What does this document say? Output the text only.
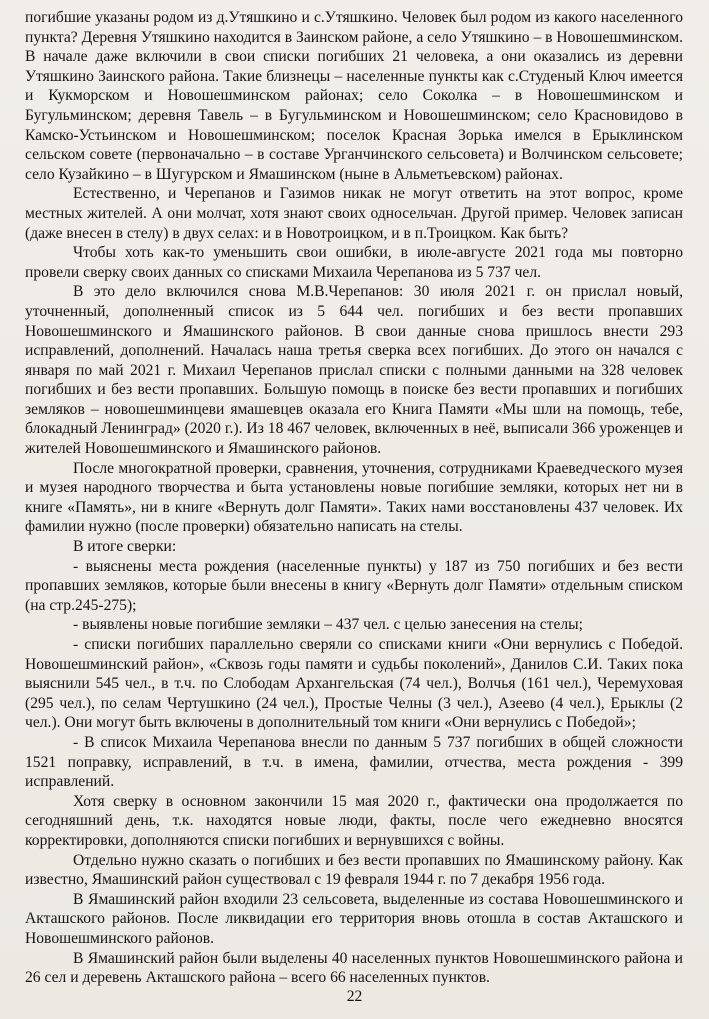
погибшие указаны родом из д.Утяшкино и с.Утяшкино. Человек был родом из какого населенного пункта? Деревня Утяшкино находится в Заинском районе, а село Утяшкино – в Новошешминском. В начале даже включили в свои списки погибших 21 человека, а они оказались из деревни Утяшкино Заинского района. Такие близнецы – населенные пункты как с.Студеный Ключ имеется и Кукморском и Новошешминском районах; село Соколка – в Новошешминском и Бугульминском; деревня Тавель – в Бугульминском и Новошешминском; село Красновидово в Камско-Устьинском и Новошешминском; поселок Красная Зорька имелся в Ерыклинском сельском совете (первоначально – в составе Урганчинского сельсовета) и Волчинском сельсовете; село Кузайкино – в Шугурском и Ямашинском (ныне в Альметьевском) районах.

Естественно, и Черепанов и Газимов никак не могут ответить на этот вопрос, кроме местных жителей. А они молчат, хотя знают своих односельчан. Другой пример. Человек записан (даже внесен в стелу) в двух селах: и в Новотроицком, и в п.Троицком. Как быть?

Чтобы хоть как-то уменьшить свои ошибки, в июле-августе 2021 года мы повторно провели сверку своих данных со списками Михаила Черепанова из 5 737 чел.

В это дело включился снова М.В.Черепанов: 30 июля 2021 г. он прислал новый, уточненный, дополненный список из 5 644 чел. погибших и без вести пропавших Новошешминского и Ямашинского районов. В свои данные снова пришлось внести 293 исправлений, дополнений. Началась наша третья сверка всех погибших. До этого он начался с января по май 2021 г. Михаил Черепанов прислал списки с полными данными на 328 человек погибших и без вести пропавших. Большую помощь в поиске без вести пропавших и погибших земляков – новошешминцеви ямашевцев оказала его Книга Памяти «Мы шли на помощь, тебе, блокадный Ленинград» (2020 г.). Из 18 467 человек, включенных в неё, выписали 366 уроженцев и жителей Новошешминского и Ямашинского районов.

После многократной проверки, сравнения, уточнения, сотрудниками Краеведческого музея и музея народного творчества и быта установлены новые погибшие земляки, которых нет ни в книге «Память», ни в книге «Вернуть долг Памяти». Таких нами восстановлены 437 человек. Их фамилии нужно (после проверки) обязательно написать на стелы.

В итоге сверки:

- выяснены места рождения (населенные пункты) у 187 из 750 погибших и без вести пропавших земляков, которые были внесены в книгу «Вернуть долг Памяти» отдельным списком (на стр.245-275);

- выявлены новые погибшие земляки – 437 чел. с целью занесения на стелы;

- списки погибших параллельно сверяли со списками книги «Они вернулись с Победой. Новошешминский район», «Сквозь годы памяти и судьбы поколений», Данилов С.И. Таких пока выяснили 545 чел., в т.ч. по Слободам Архангельская (74 чел.), Волчья (161 чел.), Черемуховая (295 чел.), по селам Чертушкино (24 чел.), Простые Челны (3 чел.), Азеево (4 чел.), Ерыклы (2 чел.). Они могут быть включены в дополнительный том книги «Они вернулись с Победой»;

- В список Михаила Черепанова внесли по данным 5 737 погибших в общей сложности 1521 поправку, исправлений, в т.ч. в имена, фамилии, отчества, места рождения - 399 исправлений.

Хотя сверку в основном закончили 15 мая 2020 г., фактически она продолжается по сегодняшний день, т.к. находятся новые люди, факты, после чего ежедневно вносятся корректировки, дополняются списки погибших и вернувшихся с войны.

Отдельно нужно сказать о погибших и без вести пропавших по Ямашинскому району. Как известно, Ямашинский район существовал с 19 февраля 1944 г. по 7 декабря 1956 года.

В Ямашинский район входили 23 сельсовета, выделенные из состава Новошешминского и Акташского районов. После ликвидации его территория вновь отошла в состав Акташского и Новошешминского районов.

В Ямашинский район были выделены 40 населенных пунктов Новошешминского района и 26 сел и деревень Акташского района – всего 66 населенных пунктов.

22
